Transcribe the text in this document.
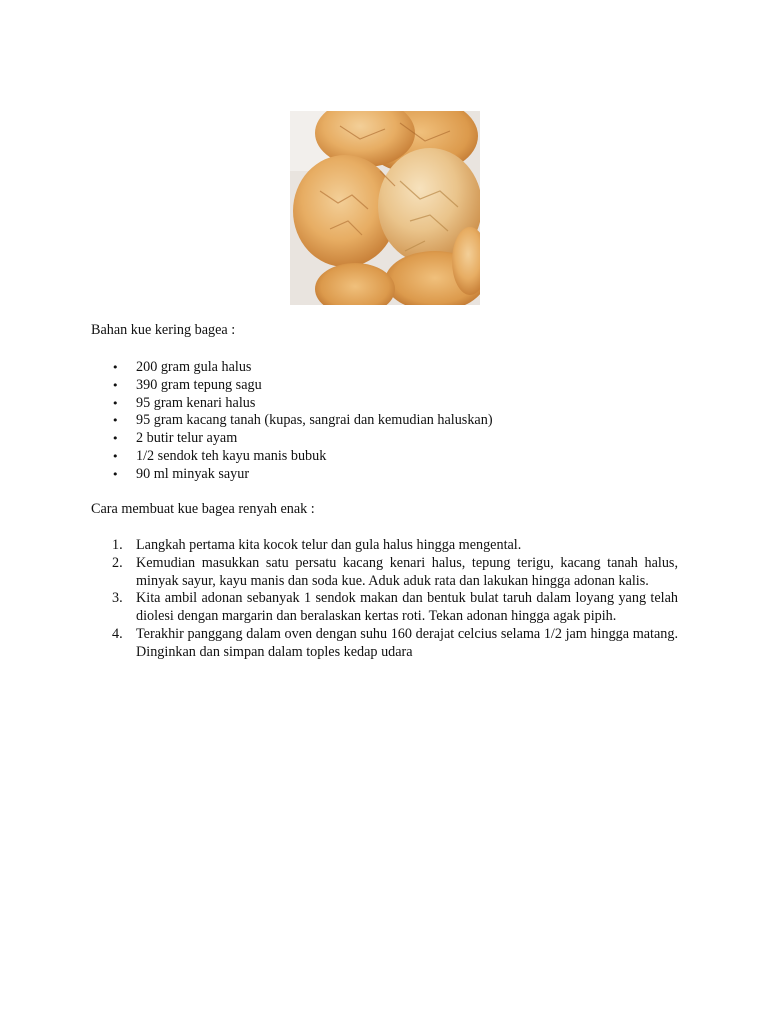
Bahan kue kering bagea :
•	200 gram gula halus
•	390 gram tepung sagu
•	95 gram kenari halus
•	95 gram kacang tanah (kupas, sangrai dan kemudian haluskan)
•	2 butir telur ayam
•	1/2 sendok teh kayu manis bubuk
•	90 ml minyak sayur
Cara membuat kue bagea renyah enak :
1. Langkah pertama kita kocok telur dan gula halus hingga mengental.
2. Kemudian masukkan satu persatu kacang kenari halus, tepung terigu, kacang tanah halus, minyak sayur, kayu manis dan soda kue. Aduk aduk rata dan lakukan hingga adonan kalis.
3. Kita ambil adonan sebanyak 1 sendok makan dan bentuk bulat taruh dalam loyang yang telah diolesi dengan margarin dan beralaskan kertas roti. Tekan adonan hingga agak pipih.
4. Terakhir panggang dalam oven dengan suhu 160 derajat celcius selama 1/2 jam hingga matang. Dinginkan dan simpan dalam toples kedap udara
